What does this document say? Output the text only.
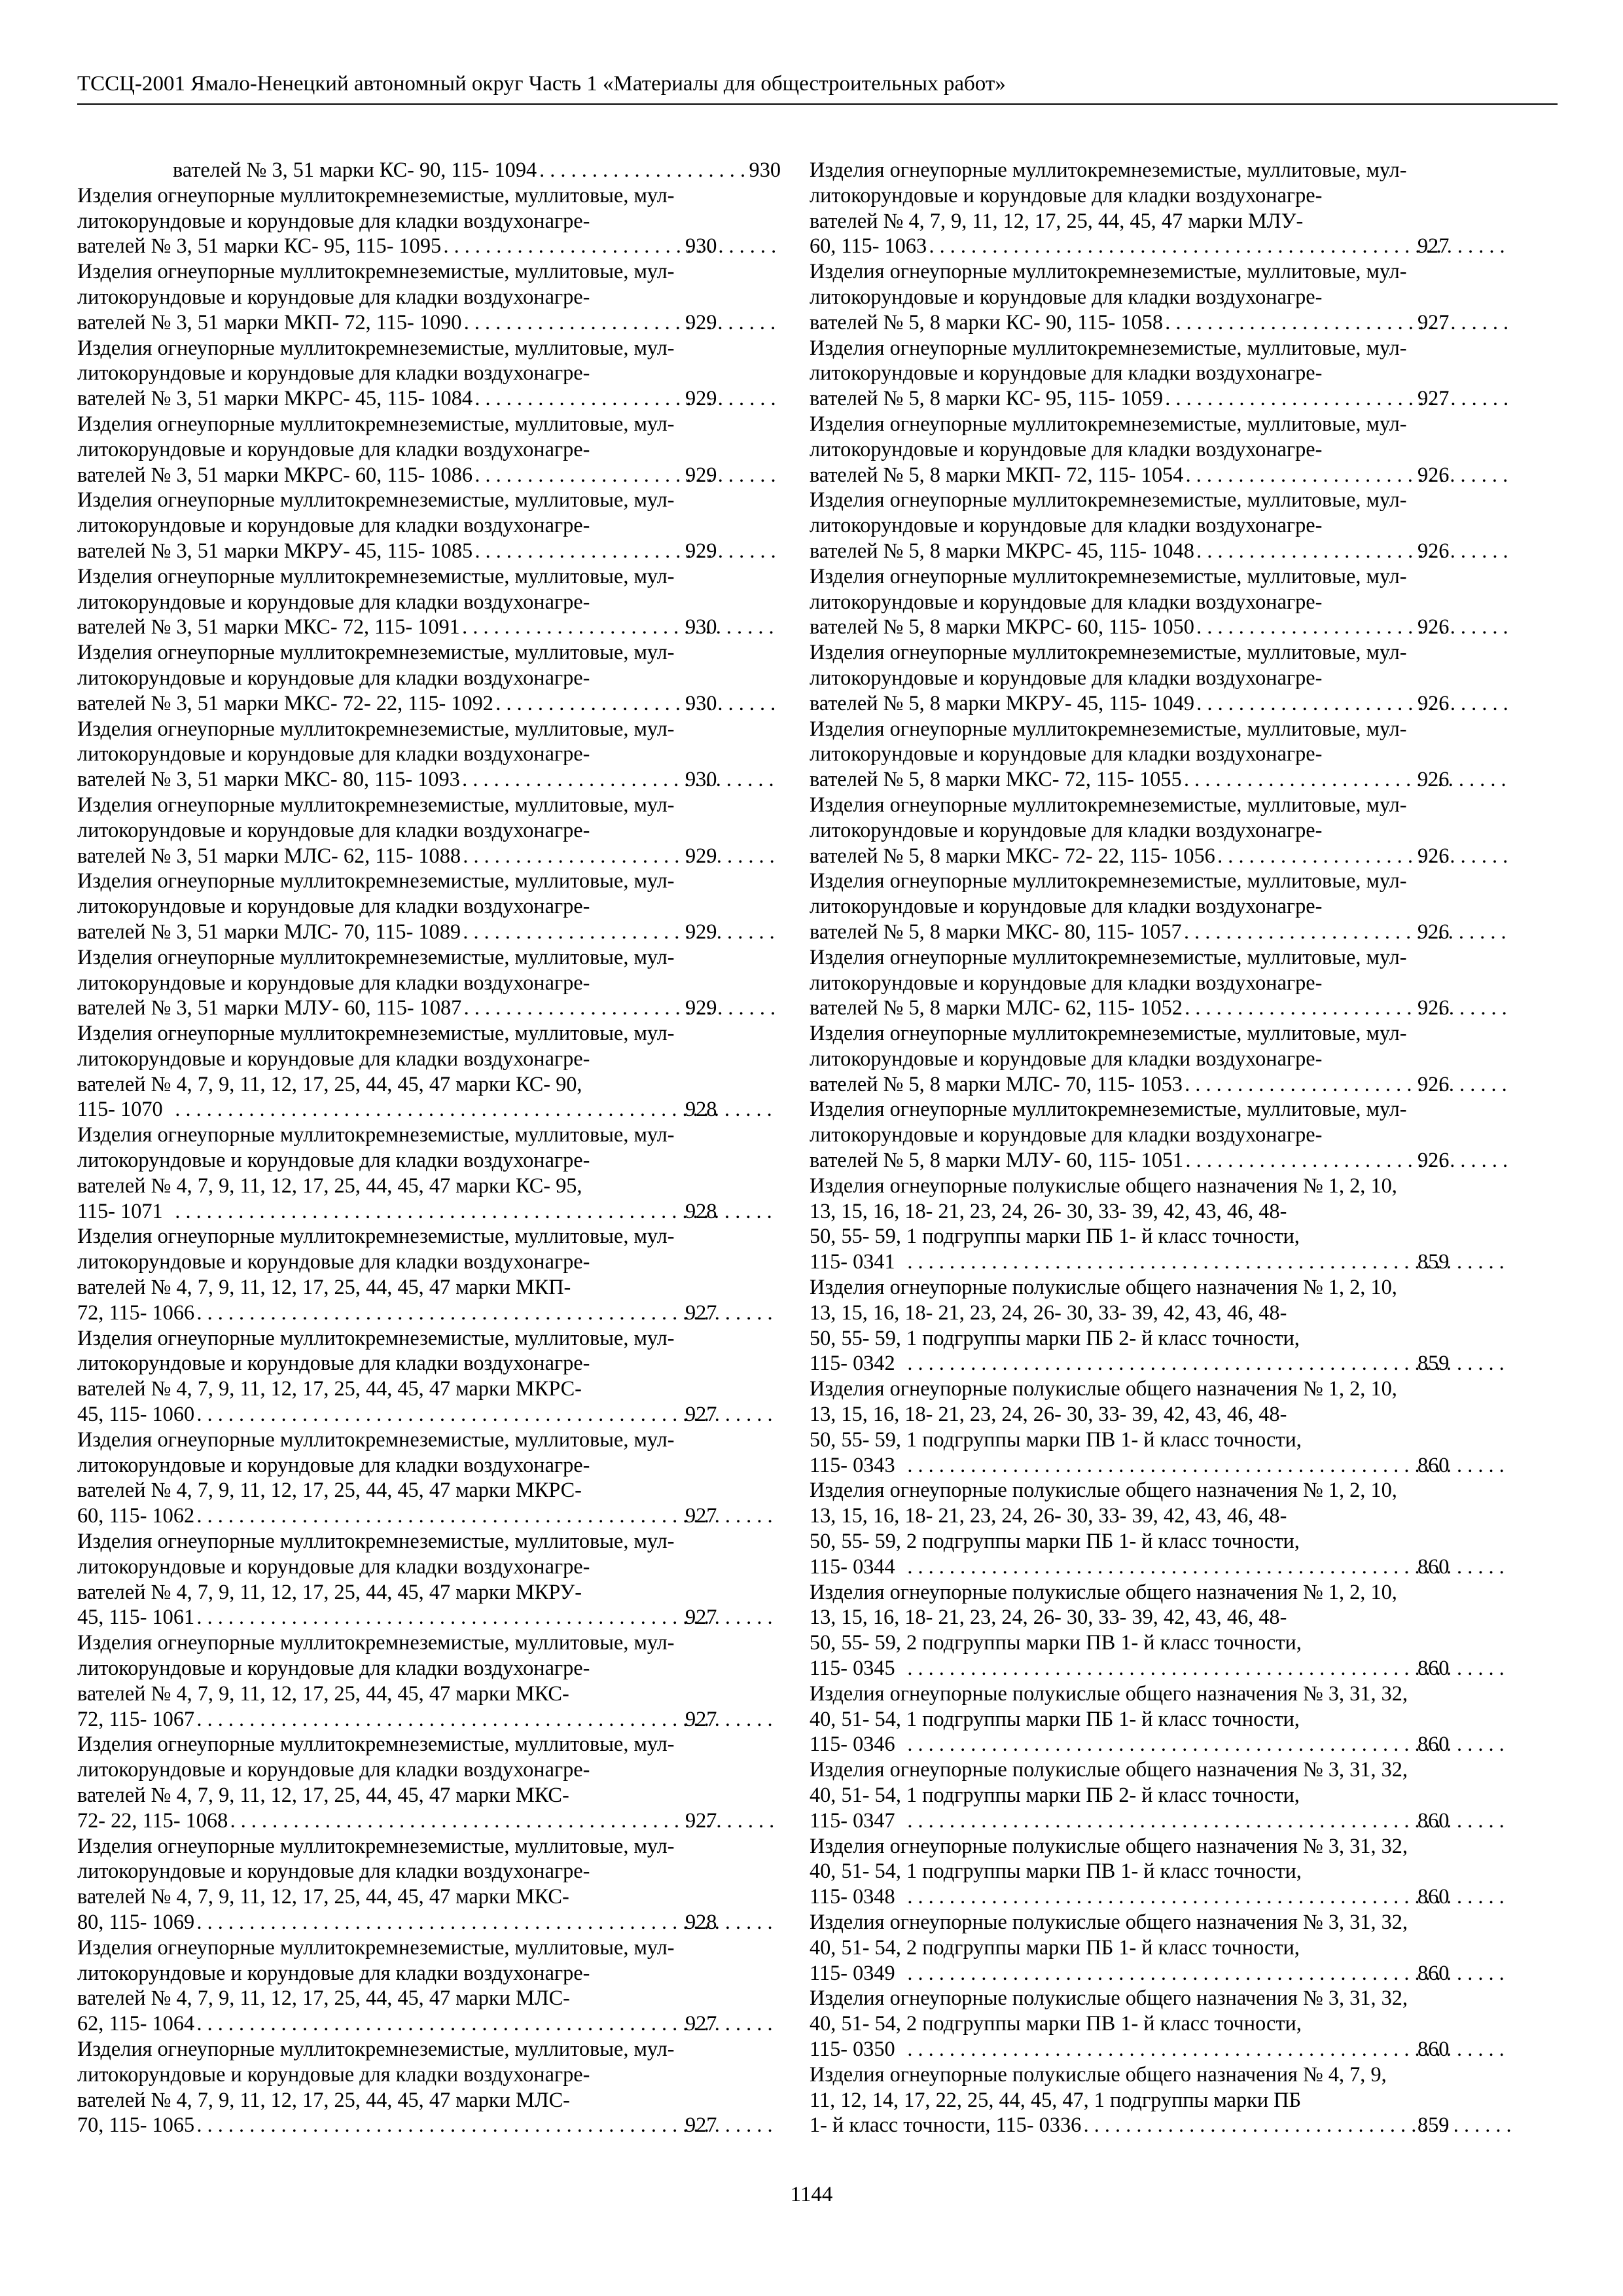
ТССЦ-2001 Ямало-Ненецкий автономный округ Часть 1 «Материалы для общестроительных работ»
вателей № 3, 51 марки КС- 90, 115- 1094 . . .	930
Изделия огнеупорные муллитокремнеземистые, муллитовые, мул-
литокорундовые и корундовые для кладки воздухонагре-
вателей № 3, 51 марки КС- 95, 115- 1095 . . .	930
Изделия огнеупорные муллитокремнеземистые, муллитовые, мул-
литокорундовые и корундовые для кладки воздухонагре-
вателей № 3, 51 марки МКП- 72, 115- 1090 . . .	929
Изделия огнеупорные муллитокремнеземистые, муллитовые, мул-
литокорундовые и корундовые для кладки воздухонагре-
вателей № 3, 51 марки МКРС- 45, 115- 1084 . . .	929
Изделия огнеупорные муллитокремнеземистые, муллитовые, мул-
литокорундовые и корундовые для кладки воздухонагре-
вателей № 3, 51 марки МКРС- 60, 115- 1086 . . .	929
Изделия огнеупорные муллитокремнеземистые, муллитовые, мул-
литокорундовые и корундовые для кладки воздухонагре-
вателей № 3, 51 марки МКРУ- 45, 115- 1085 . . .	929
Изделия огнеупорные муллитокремнеземистые, муллитовые, мул-
литокорундовые и корундовые для кладки воздухонагре-
вателей № 3, 51 марки МКС- 72, 115- 1091 . . .	930
Изделия огнеупорные муллитокремнеземистые, муллитовые, мул-
литокорундовые и корундовые для кладки воздухонагре-
вателей № 3, 51 марки МКС- 72- 22, 115- 1092 . . .	930
Изделия огнеупорные муллитокремнеземистые, муллитовые, мул-
литокорундовые и корундовые для кладки воздухонагре-
вателей № 3, 51 марки МКС- 80, 115- 1093 . . .	930
Изделия огнеупорные муллитокремнеземистые, муллитовые, мул-
литокорундовые и корундовые для кладки воздухонагре-
вателей № 3, 51 марки МЛС- 62, 115- 1088 . . .	929
Изделия огнеупорные муллитокремнеземистые, муллитовые, мул-
литокорундовые и корундовые для кладки воздухонагре-
вателей № 3, 51 марки МЛС- 70, 115- 1089 . . .	929
Изделия огнеупорные муллитокремнеземистые, муллитовые, мул-
литокорундовые и корундовые для кладки воздухонагре-
вателей № 3, 51 марки МЛУ- 60, 115- 1087 . . .	929
Изделия огнеупорные муллитокремнеземистые, муллитовые, мул-
литокорундовые и корундовые для кладки воздухонагре-
вателей № 4, 7, 9, 11, 12, 17, 25, 44, 45, 47 марки КС- 90,
115- 1070 . . .	928
Изделия огнеупорные муллитокремнеземистые, муллитовые, мул-
литокорундовые и корундовые для кладки воздухонагре-
вателей № 4, 7, 9, 11, 12, 17, 25, 44, 45, 47 марки КС- 95,
115- 1071 . . .	928
Изделия огнеупорные муллитокремнеземистые, муллитовые, мул-
литокорундовые и корундовые для кладки воздухонагре-
вателей № 4, 7, 9, 11, 12, 17, 25, 44, 45, 47 марки МКП-
72, 115- 1066 . . .	927
Изделия огнеупорные муллитокремнеземистые, муллитовые, мул-
литокорундовые и корундовые для кладки воздухонагре-
вателей № 4, 7, 9, 11, 12, 17, 25, 44, 45, 47 марки МКРС-
45, 115- 1060 . . .	927
Изделия огнеупорные муллитокремнеземистые, муллитовые, мул-
литокорундовые и корундовые для кладки воздухонагре-
вателей № 4, 7, 9, 11, 12, 17, 25, 44, 45, 47 марки МКРС-
60, 115- 1062 . . .	927
Изделия огнеупорные муллитокремнеземистые, муллитовые, мул-
литокорундовые и корундовые для кладки воздухонагре-
вателей № 4, 7, 9, 11, 12, 17, 25, 44, 45, 47 марки МКРУ-
45, 115- 1061 . . .	927
Изделия огнеупорные муллитокремнеземистые, муллитовые, мул-
литокорундовые и корундовые для кладки воздухонагре-
вателей № 4, 7, 9, 11, 12, 17, 25, 44, 45, 47 марки МКС-
72, 115- 1067 . . .	927
Изделия огнеупорные муллитокремнеземистые, муллитовые, мул-
литокорундовые и корундовые для кладки воздухонагре-
вателей № 4, 7, 9, 11, 12, 17, 25, 44, 45, 47 марки МКС-
72- 22, 115- 1068 . . .	927
Изделия огнеупорные муллитокремнеземистые, муллитовые, мул-
литокорундовые и корундовые для кладки воздухонагре-
вателей № 4, 7, 9, 11, 12, 17, 25, 44, 45, 47 марки МКС-
80, 115- 1069 . . .	928
Изделия огнеупорные муллитокремнеземистые, муллитовые, мул-
литокорундовые и корундовые для кладки воздухонагре-
вателей № 4, 7, 9, 11, 12, 17, 25, 44, 45, 47 марки МЛС-
62, 115- 1064 . . .	927
Изделия огнеупорные муллитокремнеземистые, муллитовые, мул-
литокорундовые и корундовые для кладки воздухонагре-
вателей № 4, 7, 9, 11, 12, 17, 25, 44, 45, 47 марки МЛС-
70, 115- 1065 . . .	927
Изделия огнеупорные муллитокремнеземистые, муллитовые, мул-
литокорундовые и корундовые для кладки воздухонагре-
вателей № 4, 7, 9, 11, 12, 17, 25, 44, 45, 47 марки МЛУ-
60, 115- 1063 . . .	927
Изделия огнеупорные муллитокремнеземистые, муллитовые, мул-
литокорундовые и корундовые для кладки воздухонагре-
вателей № 5, 8 марки КС- 90, 115- 1058 . . .	927
Изделия огнеупорные муллитокремнеземистые, муллитовые, мул-
литокорундовые и корундовые для кладки воздухонагре-
вателей № 5, 8 марки КС- 95, 115- 1059 . . .	927
Изделия огнеупорные муллитокремнеземистые, муллитовые, мул-
литокорундовые и корундовые для кладки воздухонагре-
вателей № 5, 8 марки МКП- 72, 115- 1054 . . .	926
Изделия огнеупорные муллитокремнеземистые, муллитовые, мул-
литокорундовые и корундовые для кладки воздухонагре-
вателей № 5, 8 марки МКРС- 45, 115- 1048 . . .	926
Изделия огнеупорные муллитокремнеземистые, муллитовые, мул-
литокорундовые и корундовые для кладки воздухонагре-
вателей № 5, 8 марки МКРС- 60, 115- 1050 . . .	926
Изделия огнеупорные муллитокремнеземистые, муллитовые, мул-
литокорундовые и корундовые для кладки воздухонагре-
вателей № 5, 8 марки МКРУ- 45, 115- 1049 . . .	926
Изделия огнеупорные муллитокремнеземистые, муллитовые, мул-
литокорундовые и корундовые для кладки воздухонагре-
вателей № 5, 8 марки МКС- 72, 115- 1055 . . .	926
Изделия огнеупорные муллитокремнеземистые, муллитовые, мул-
литокорундовые и корундовые для кладки воздухонагре-
вателей № 5, 8 марки МКС- 72- 22, 115- 1056 . . .	926
Изделия огнеупорные муллитокремнеземистые, муллитовые, мул-
литокорундовые и корундовые для кладки воздухонагре-
вателей № 5, 8 марки МКС- 80, 115- 1057 . . .	926
Изделия огнеупорные муллитокремнеземистые, муллитовые, мул-
литокорундовые и корундовые для кладки воздухонагре-
вателей № 5, 8 марки МЛС- 62, 115- 1052 . . .	926
Изделия огнеупорные муллитокремнеземистые, муллитовые, мул-
литокорундовые и корундовые для кладки воздухонагре-
вателей № 5, 8 марки МЛС- 70, 115- 1053 . . .	926
Изделия огнеупорные муллитокремнеземистые, муллитовые, мул-
литокорундовые и корундовые для кладки воздухонагре-
вателей № 5, 8 марки МЛУ- 60, 115- 1051 . . .	926
Изделия огнеупорные полукислые общего назначения № 1, 2, 10,
13, 15, 16, 18- 21, 23, 24, 26- 30, 33- 39, 42, 43, 46, 48-
50, 55- 59, 1 подгруппы марки ПБ 1- й класс точности,
115- 0341 . . .	859
Изделия огнеупорные полукислые общего назначения № 1, 2, 10,
13, 15, 16, 18- 21, 23, 24, 26- 30, 33- 39, 42, 43, 46, 48-
50, 55- 59, 1 подгруппы марки ПБ 2- й класс точности,
115- 0342 . . .	859
Изделия огнеупорные полукислые общего назначения № 1, 2, 10,
13, 15, 16, 18- 21, 23, 24, 26- 30, 33- 39, 42, 43, 46, 48-
50, 55- 59, 1 подгруппы марки ПВ 1- й класс точности,
115- 0343 . . .	860
Изделия огнеупорные полукислые общего назначения № 1, 2, 10,
13, 15, 16, 18- 21, 23, 24, 26- 30, 33- 39, 42, 43, 46, 48-
50, 55- 59, 2 подгруппы марки ПБ 1- й класс точности,
115- 0344 . . .	860
Изделия огнеупорные полукислые общего назначения № 1, 2, 10,
13, 15, 16, 18- 21, 23, 24, 26- 30, 33- 39, 42, 43, 46, 48-
50, 55- 59, 2 подгруппы марки ПВ 1- й класс точности,
115- 0345 . . .	860
Изделия огнеупорные полукислые общего назначения № 3, 31, 32,
40, 51- 54, 1 подгруппы марки ПБ 1- й класс точности,
115- 0346 . . .	860
Изделия огнеупорные полукислые общего назначения № 3, 31, 32,
40, 51- 54, 1 подгруппы марки ПБ 2- й класс точности,
115- 0347 . . .	860
Изделия огнеупорные полукислые общего назначения № 3, 31, 32,
40, 51- 54, 1 подгруппы марки ПВ 1- й класс точности,
115- 0348 . . .	860
Изделия огнеупорные полукислые общего назначения № 3, 31, 32,
40, 51- 54, 2 подгруппы марки ПБ 1- й класс точности,
115- 0349 . . .	860
Изделия огнеупорные полукислые общего назначения № 3, 31, 32,
40, 51- 54, 2 подгруппы марки ПВ 1- й класс точности,
115- 0350 . . .	860
Изделия огнеупорные полукислые общего назначения № 4, 7, 9,
11, 12, 14, 17, 22, 25, 44, 45, 47, 1 подгруппы марки ПБ
1- й класс точности, 115- 0336 . . .	859
1144
